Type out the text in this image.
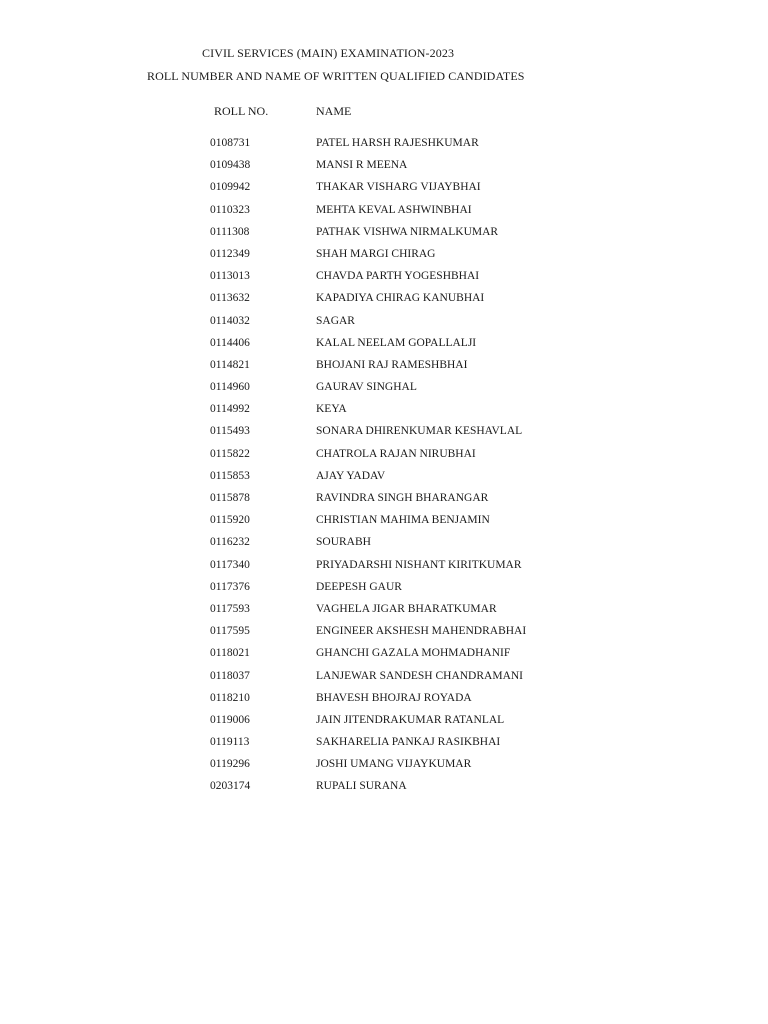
CIVIL SERVICES (MAIN) EXAMINATION-2023
ROLL NUMBER AND NAME OF WRITTEN QUALIFIED CANDIDATES
ROLL NO.	NAME
0108731	PATEL HARSH RAJESHKUMAR
0109438	MANSI R MEENA
0109942	THAKAR VISHARG VIJAYBHAI
0110323	MEHTA KEVAL ASHWINBHAI
0111308	PATHAK VISHWA NIRMALKUMAR
0112349	SHAH MARGI CHIRAG
0113013	CHAVDA PARTH YOGESHBHAI
0113632	KAPADIYA CHIRAG KANUBHAI
0114032	SAGAR
0114406	KALAL NEELAM GOPALLALJI
0114821	BHOJANI RAJ RAMESHBHAI
0114960	GAURAV SINGHAL
0114992	KEYA
0115493	SONARA DHIRENKUMAR KESHAVLAL
0115822	CHATROLA RAJAN NIRUBHAI
0115853	AJAY YADAV
0115878	RAVINDRA SINGH BHARANGAR
0115920	CHRISTIAN MAHIMA BENJAMIN
0116232	SOURABH
0117340	PRIYADARSHI NISHANT KIRITKUMAR
0117376	DEEPESH GAUR
0117593	VAGHELA JIGAR BHARATKUMAR
0117595	ENGINEER AKSHESH MAHENDRABHAI
0118021	GHANCHI GAZALA MOHMADHANIF
0118037	LANJEWAR SANDESH CHANDRAMANI
0118210	BHAVESH BHOJRAJ ROYADA
0119006	JAIN JITENDRAKUMAR RATANLAL
0119113	SAKHARELIA PANKAJ RASIKBHAI
0119296	JOSHI UMANG VIJAYKUMAR
0203174	RUPALI SURANA
